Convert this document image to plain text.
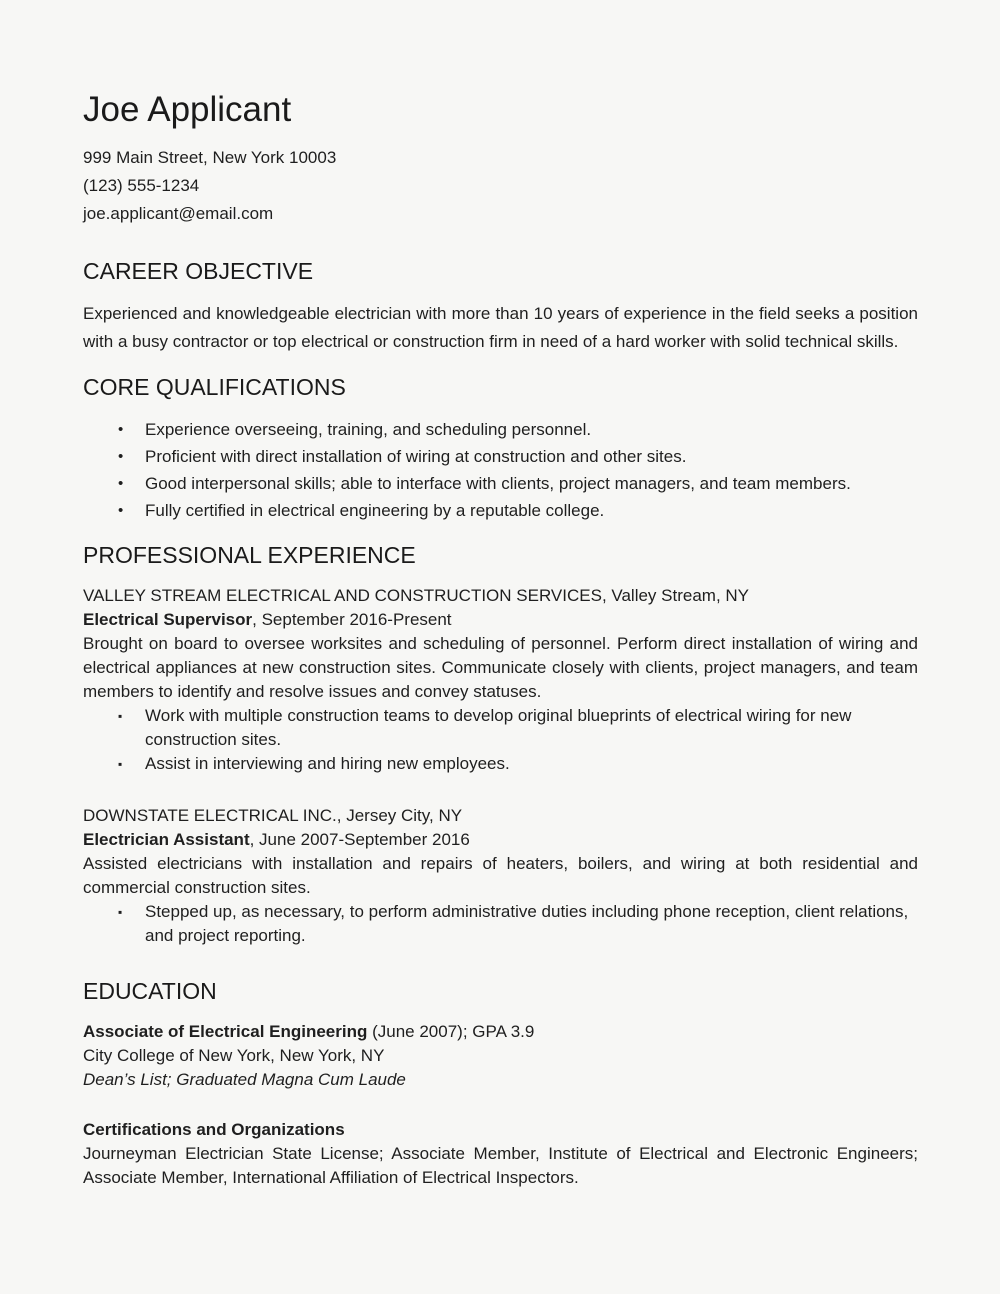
Joe Applicant

999 Main Street, New York 10003

(123) 555-1234

joe.applicant@email.com

CAREER OBJECTIVE

Experienced and knowledgeable electrician with more than 10 years of experience in the field seeks a position with a busy contractor or top electrical or construction firm in need of a hard worker with solid technical skills.

CORE QUALIFICATIONS
•	Experience overseeing, training, and scheduling personnel.
•	Proficient with direct installation of wiring at construction and other sites.
•	Good interpersonal skills; able to interface with clients, project managers, and team members.
•	Fully certified in electrical engineering by a reputable college.
PROFESSIONAL EXPERIENCE

VALLEY STREAM ELECTRICAL AND CONSTRUCTION SERVICES, Valley Stream, NY

Electrical Supervisor, September 2016-Present

Brought on board to oversee worksites and scheduling of personnel. Perform direct installation of wiring and electrical appliances at new construction sites. Communicate closely with clients, project managers, and team members to identify and resolve issues and convey statuses.

▪	Work with multiple construction teams to develop original blueprints of electrical wiring for new construction sites.
▪	Assist in interviewing and hiring new employees.

DOWNSTATE ELECTRICAL INC., Jersey City, NY

Electrician Assistant, June 2007-September 2016

Assisted electricians with installation and repairs of heaters, boilers, and wiring at both residential and commercial construction sites.

▪	Stepped up, as necessary, to perform administrative duties including phone reception, client relations, and project reporting.
EDUCATION

Associate of Electrical Engineering (June 2007); GPA 3.9

City College of New York, New York, NY

Dean’s List; Graduated Magna Cum Laude

Certifications and Organizations

Journeyman Electrician State License; Associate Member, Institute of Electrical and Electronic Engineers; Associate Member, International Affiliation of Electrical Inspectors.
